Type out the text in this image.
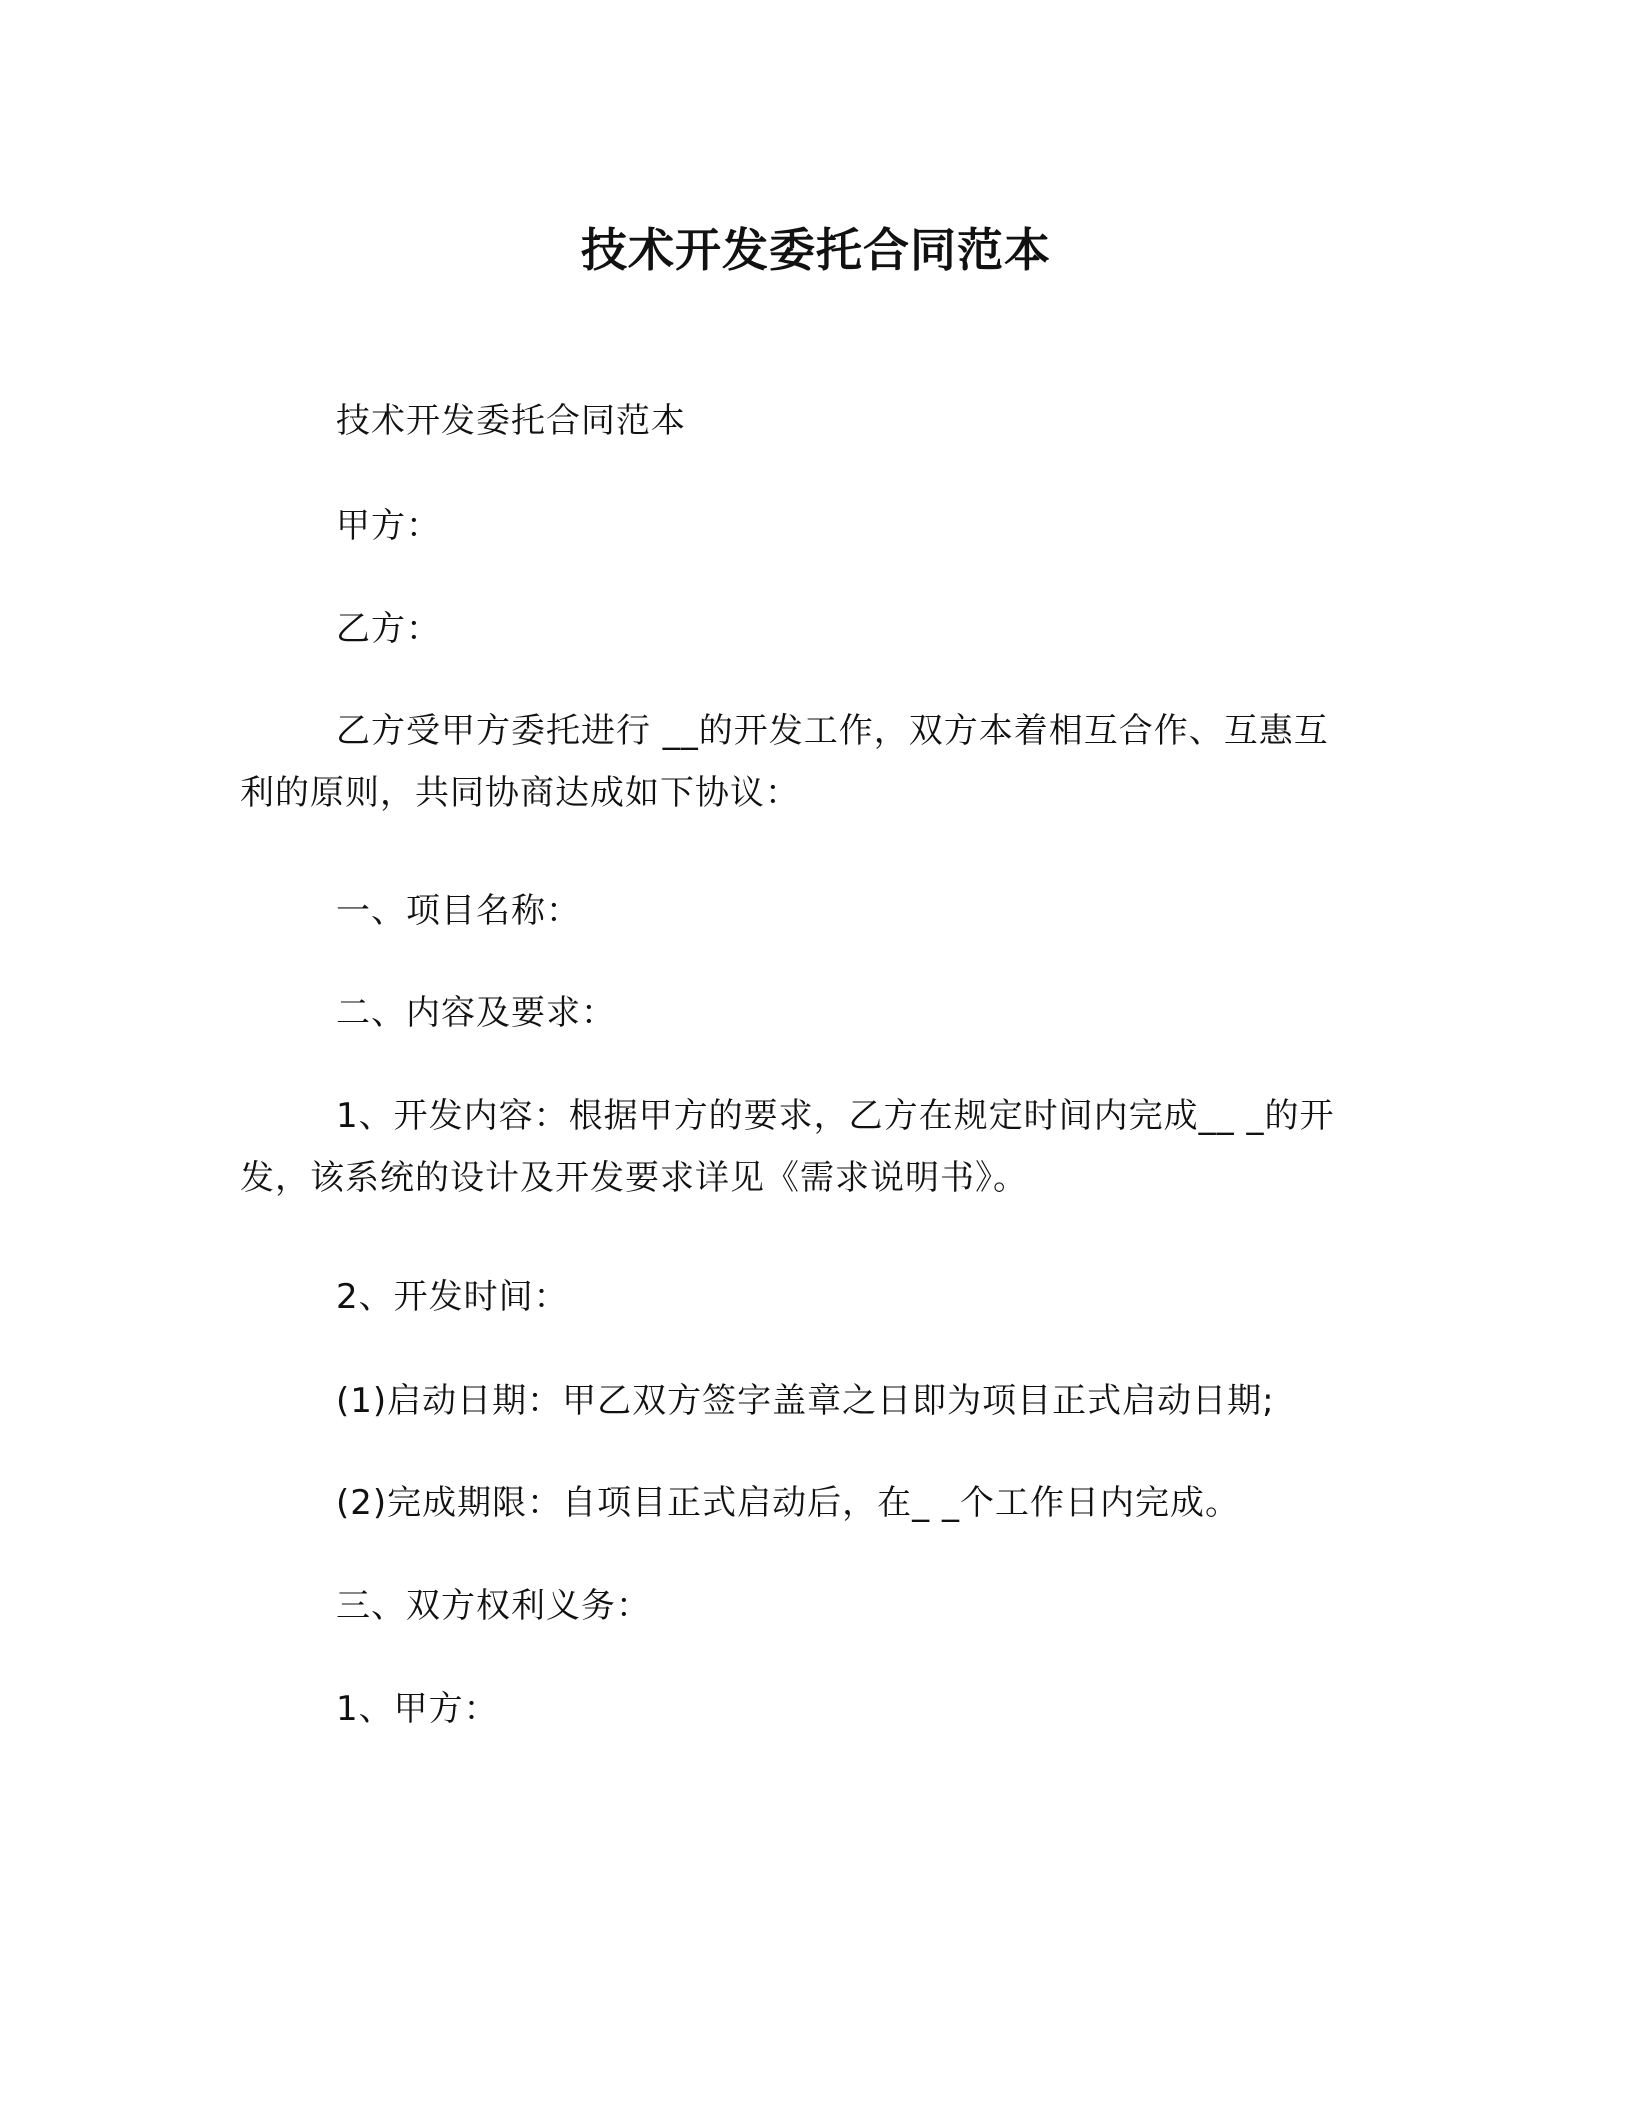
技术开发委托合同范本

技术开发委托合同范本

甲方：

乙方：

乙方受甲方委托进行 __的开发工作，双方本着相互合作、互惠互利的原则，共同协商达成如下协议：

一、项目名称：

二、内容及要求：

1、开发内容：根据甲方的要求，乙方在规定时间内完成__ _的开发，该系统的设计及开发要求详见《需求说明书》。

2、开发时间：

(1)启动日期：甲乙双方签字盖章之日即为项目正式启动日期;

(2)完成期限：自项目正式启动后，在_ _个工作日内完成。

三、双方权利义务：

1、甲方：
